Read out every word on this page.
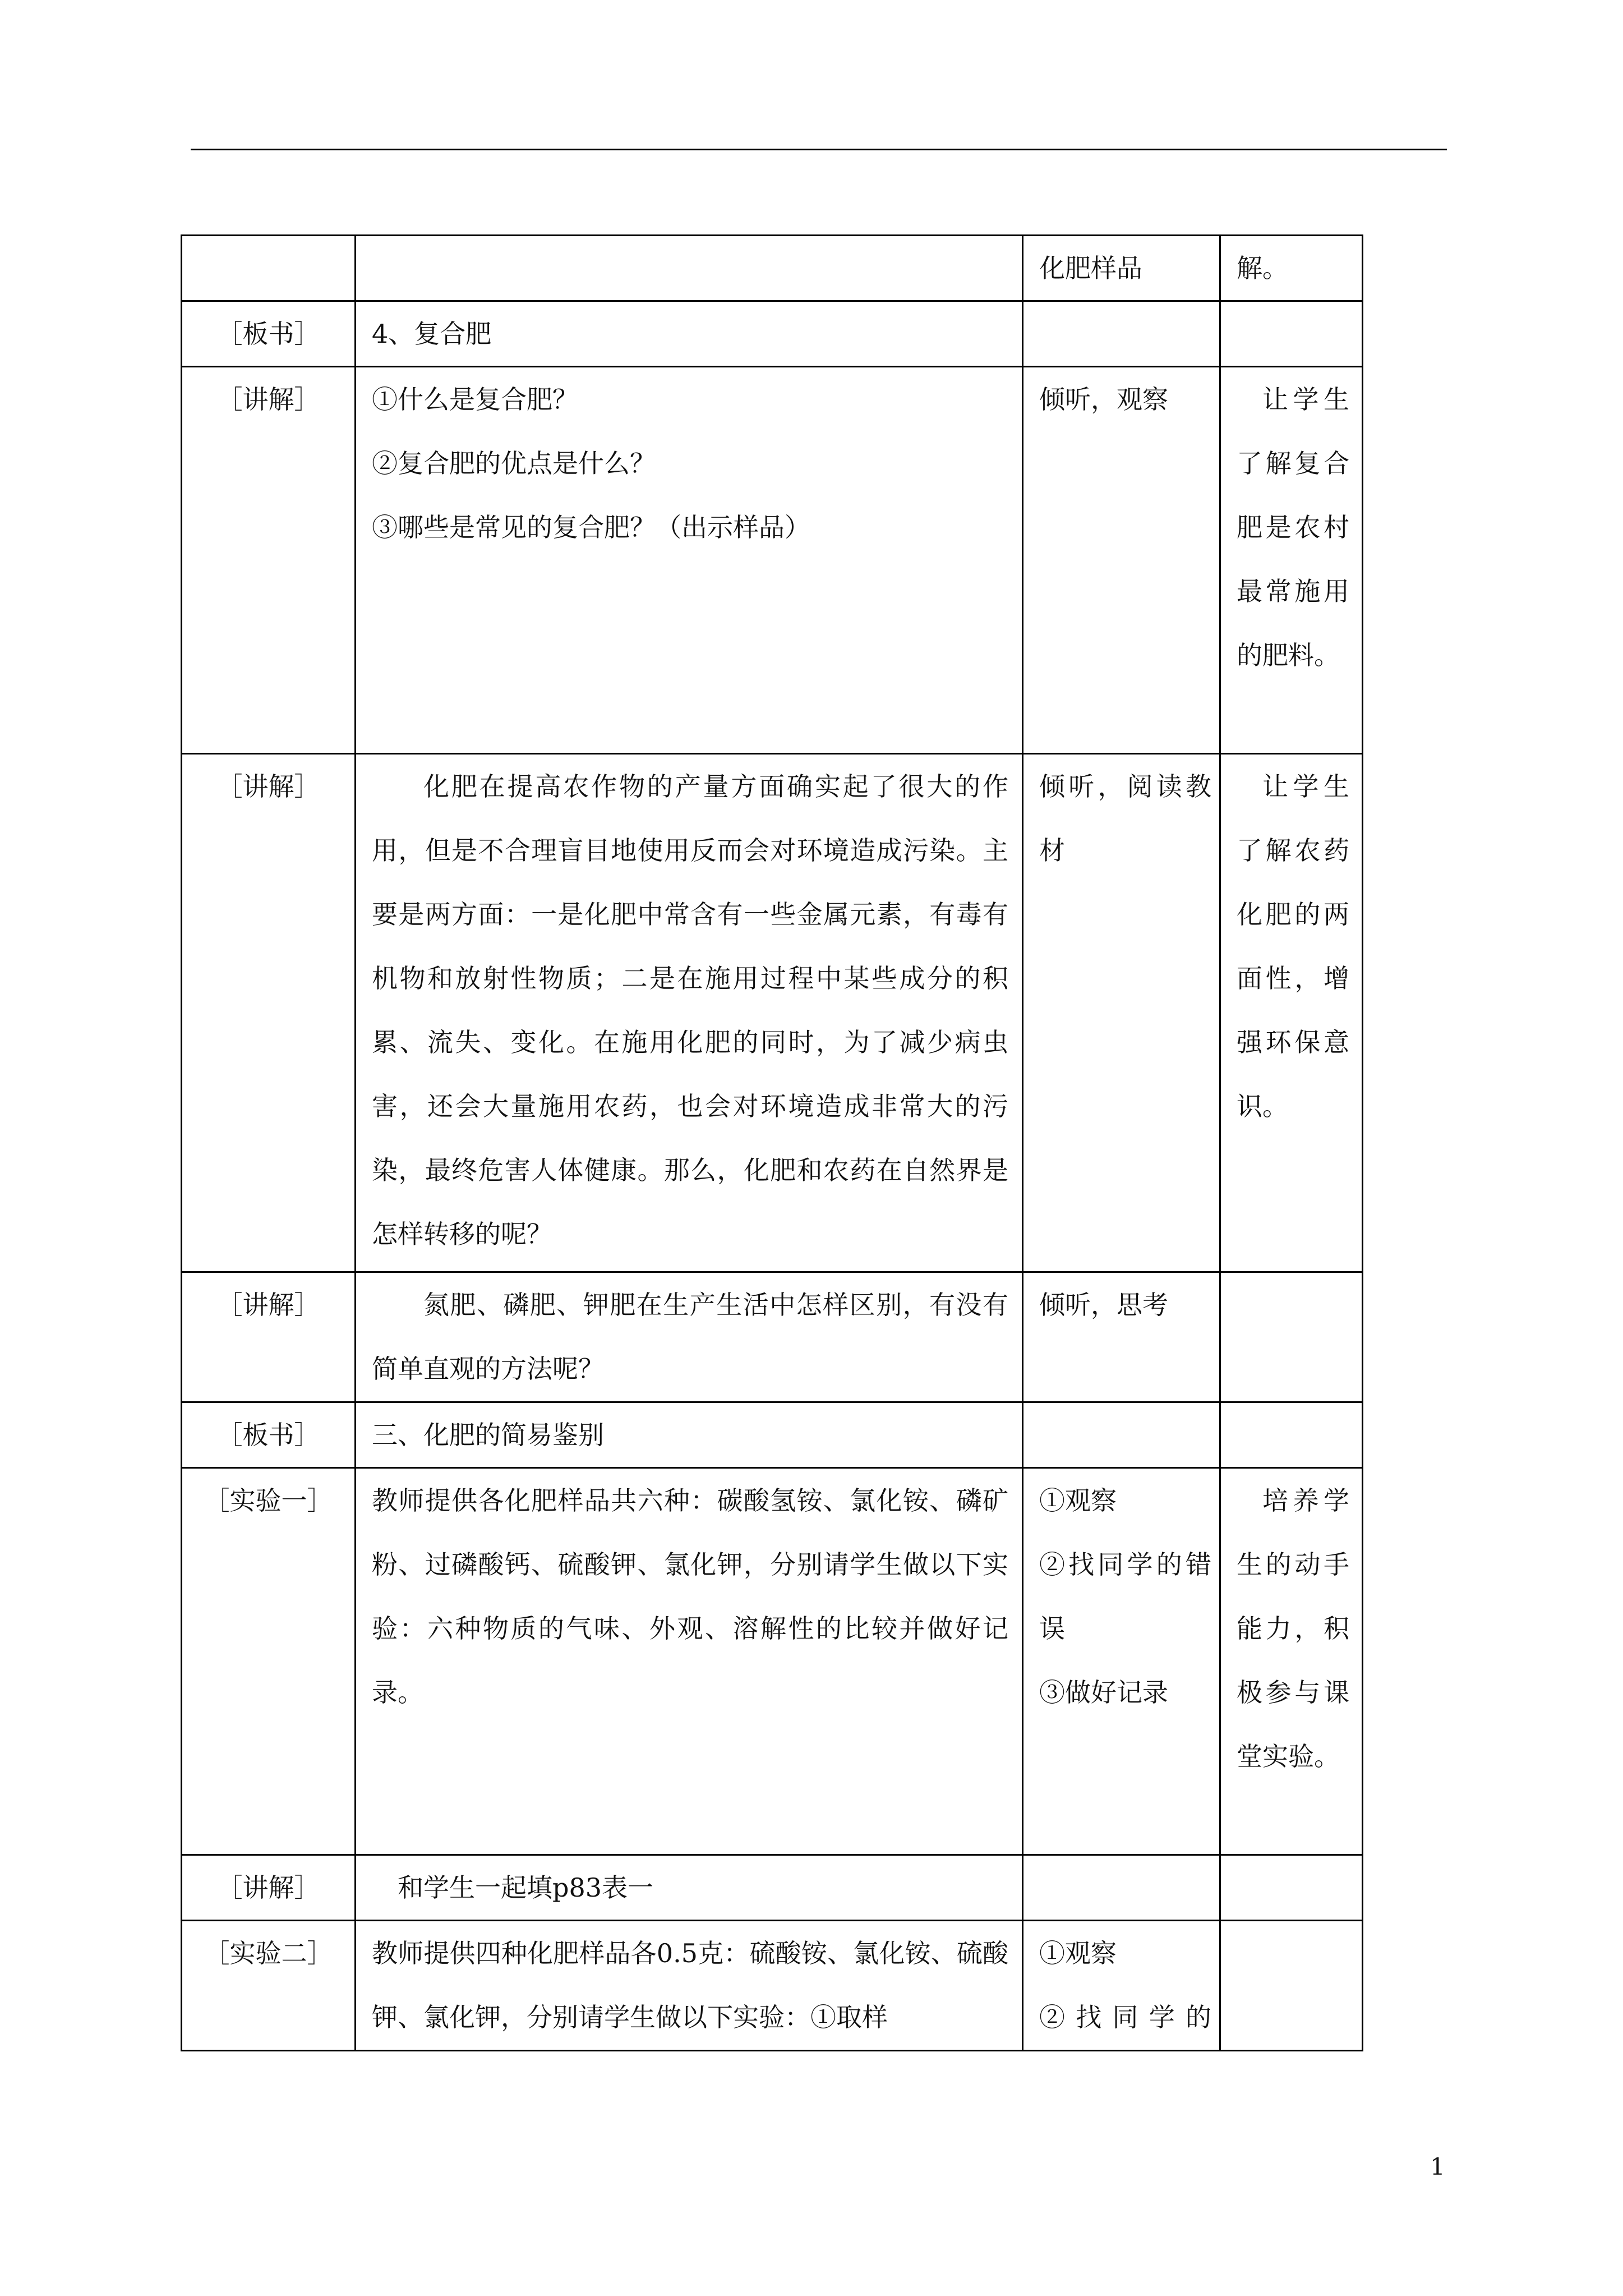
		化肥样品	解。
［板书］	4、复合肥		
［讲解］	①什么是复合肥？
②复合肥的优点是什么？
③哪些是常见的复合肥？（出示样品）	倾听，观察	让学生了解复合肥是农村最常施用的肥料。
［讲解］	化肥在提高农作物的产量方面确实起了很大的作用，但是不合理盲目地使用反而会对环境造成污染。主要是两方面：一是化肥中常含有一些金属元素，有毒有机物和放射性物质；二是在施用过程中某些成分的积累、流失、变化。在施用化肥的同时，为了减少病虫害，还会大量施用农药，也会对环境造成非常大的污染，最终危害人体健康。那么，化肥和农药在自然界是怎样转移的呢？	倾听，阅读教材	让学生了解农药化肥的两面性，增强环保意识。
［讲解］	氮肥、磷肥、钾肥在生产生活中怎样区别，有没有简单直观的方法呢？	倾听，思考	
［板书］	三、化肥的简易鉴别		
［实验一］	教师提供各化肥样品共六种：碳酸氢铵、氯化铵、磷矿粉、过磷酸钙、硫酸钾、氯化钾，分别请学生做以下实验：六种物质的气味、外观、溶解性的比较并做好记录。	①观察
②找同学的错误
③做好记录	培养学生的动手能力，积极参与课堂实验。
［讲解］	和学生一起填p83表一		
［实验二］	教师提供四种化肥样品各0.5克：硫酸铵、氯化铵、硫酸钾、氯化钾，分别请学生做以下实验：①取样	①观察
②找同学的	

1
